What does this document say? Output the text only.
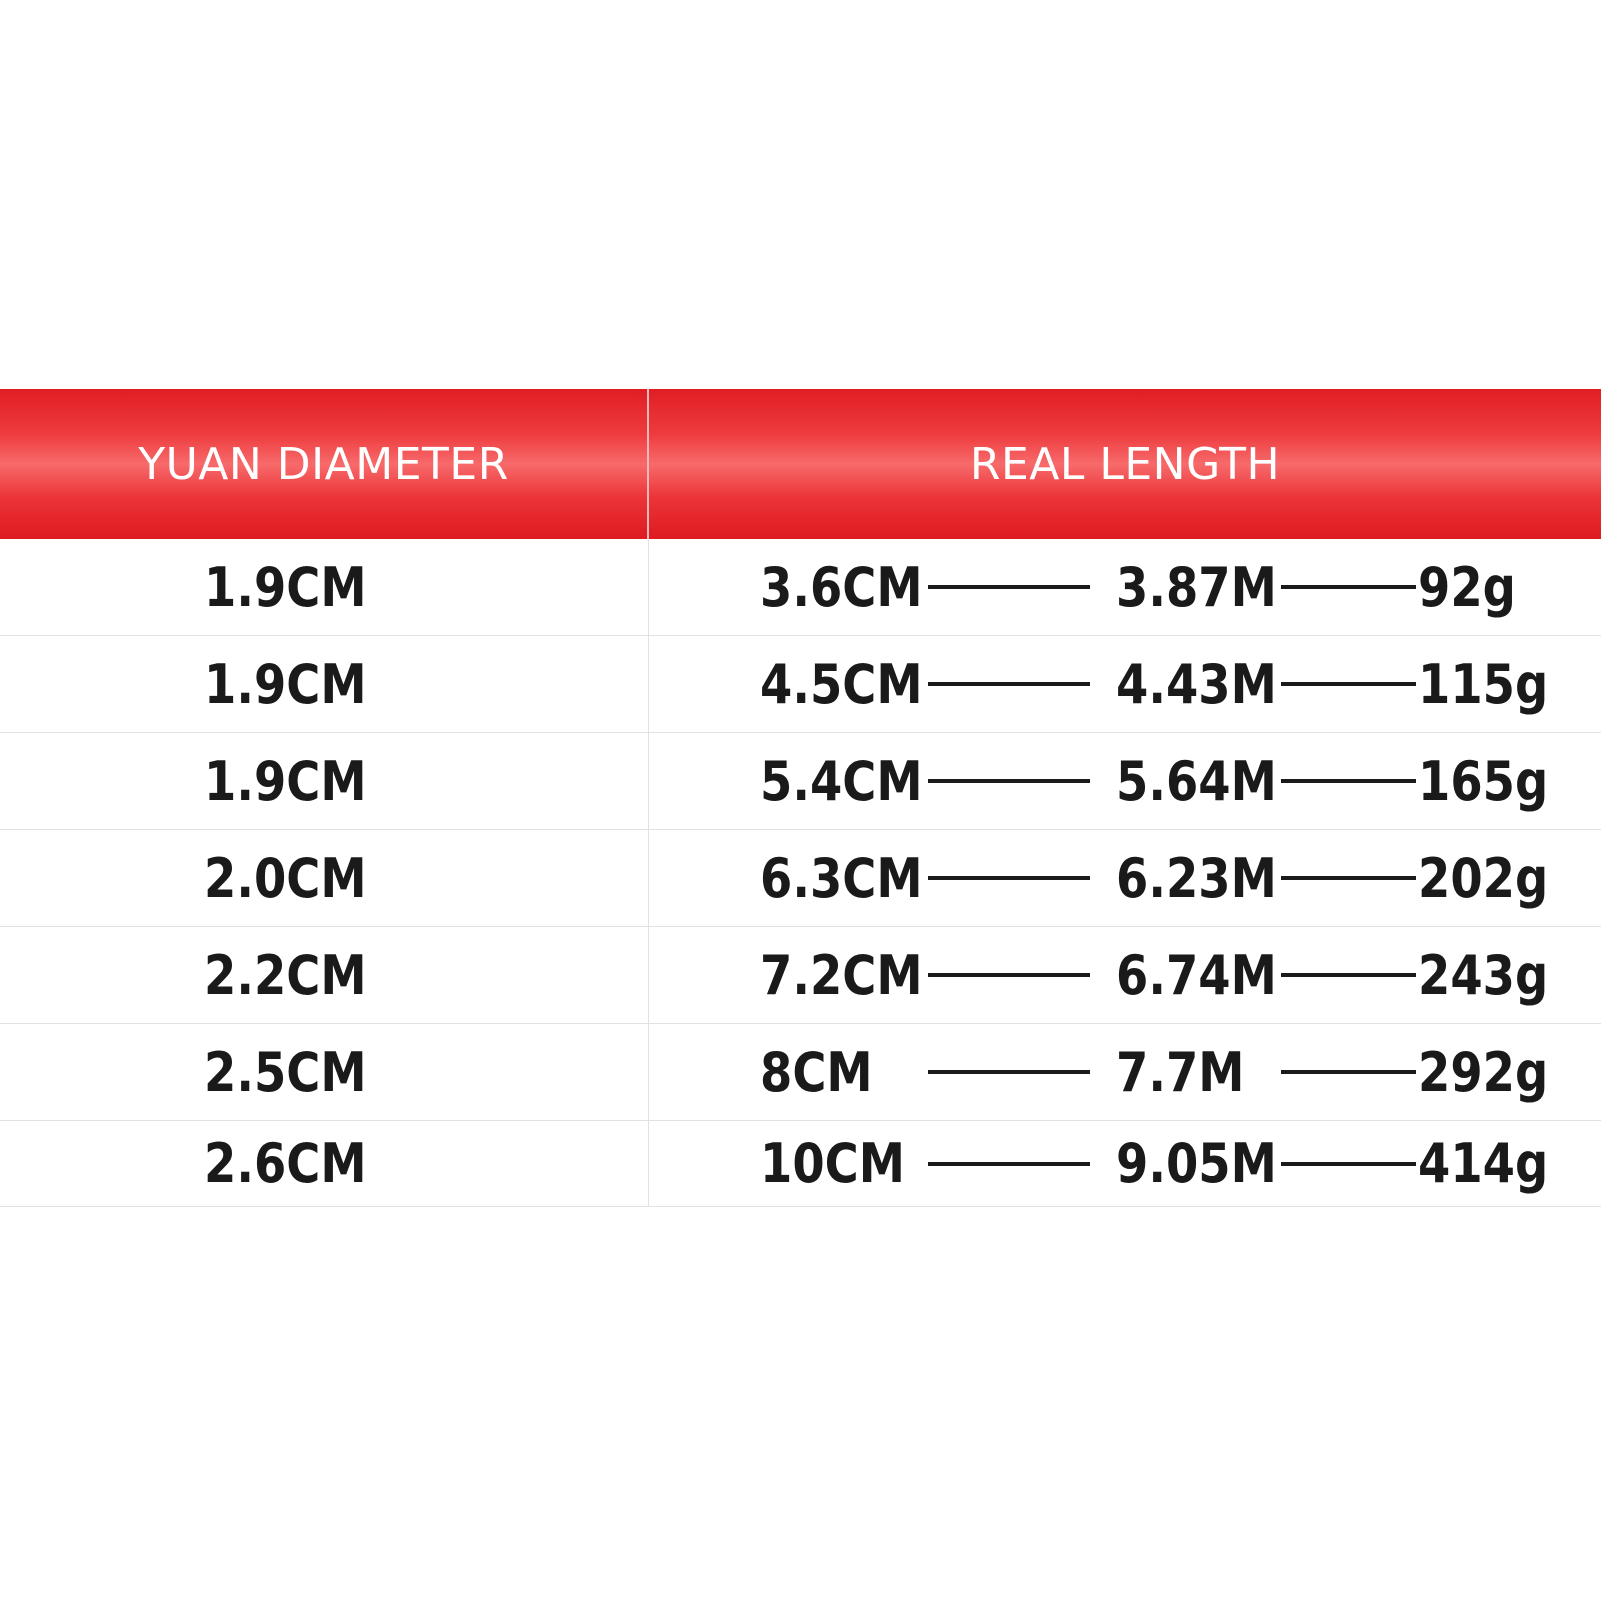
YUAN DIAMETER	REAL LENGTH
1.9CM	3.6CM	3.87M	92g
1.9CM	4.5CM	4.43M	115g
1.9CM	5.4CM	5.64M	165g
2.0CM	6.3CM	6.23M	202g
2.2CM	7.2CM	6.74M	243g
2.5CM	8CM	7.7M	292g
2.6CM	10CM	9.05M	414g
